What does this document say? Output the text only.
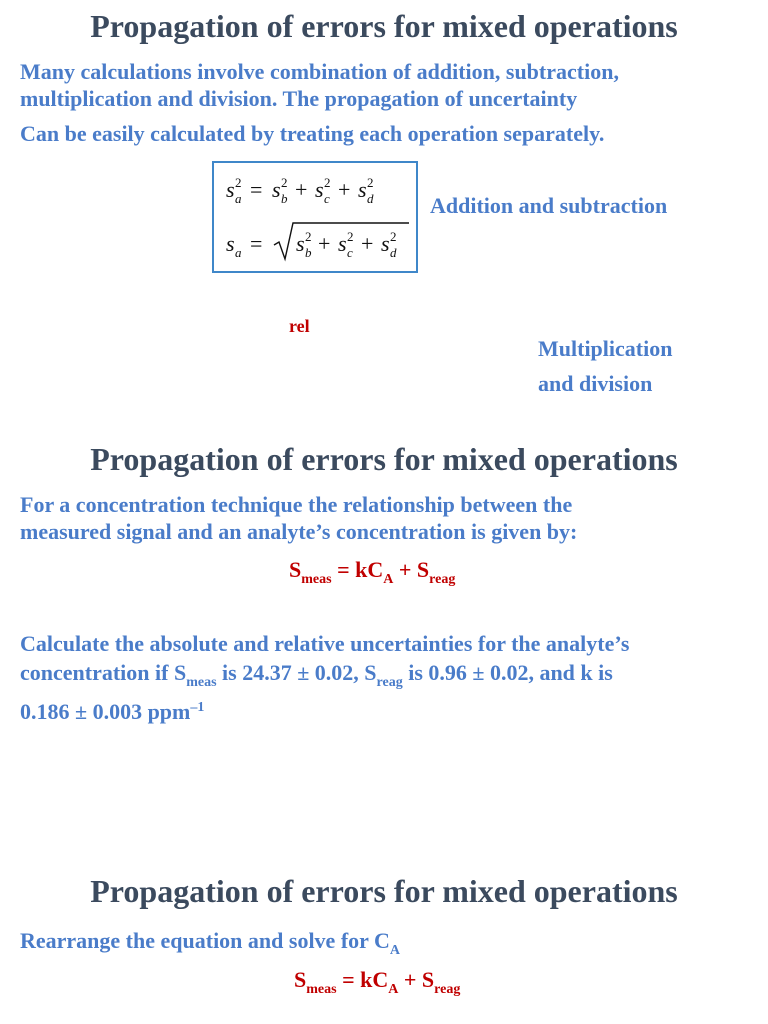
Propagation of errors for mixed operations
Many calculations involve combination of addition, subtraction,
multiplication and division. The propagation of uncertainty
Can be easily calculated by treating each operation separately.
s a
2 = s b
2 + s c
2 + s d
2
s a = s b
2 + s c
2 + s d
2
Addition and subtraction
rel
Multiplication
and division
Propagation of errors for mixed operations
For a concentration technique the relationship between the
measured signal and an analyte’s concentration is given by:
$S_{meas} = kC_A + S_{reag}$
Calculate the absolute and relative uncertainties for the analyte’s
concentration if $S_{meas}$ is 24.37 ± 0.02, $S_{reag}$ is 0.96 ± 0.02, and k is
0.186 ± 0.003 ppm$^{-1}$
Propagation of errors for mixed operations
Rearrange the equation and solve for $C_A$
$S_{meas} = kC_A + S_{reag}$
